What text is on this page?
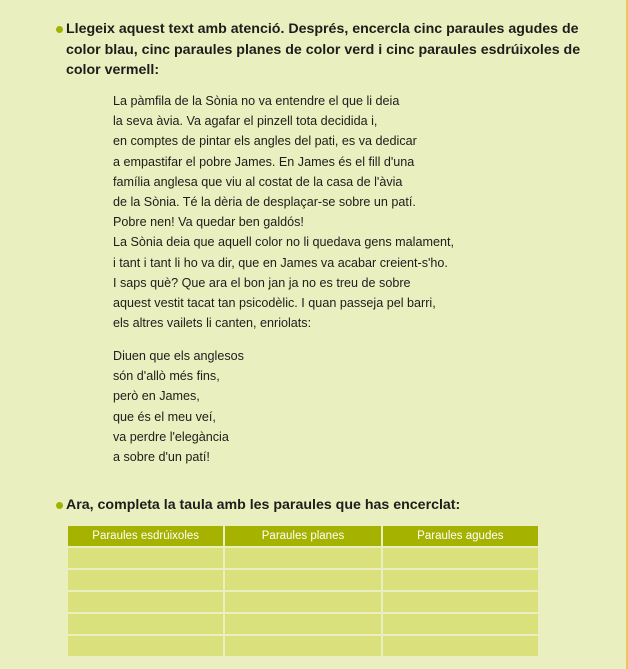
Llegeix aquest text amb atenció. Després, encercla cinc paraules agudes de color blau, cinc paraules planes de color verd i cinc paraules esdrúixoles de color vermell:
La pàmfila de la Sònia no va entendre el que li deia
la seva àvia. Va agafar el pinzell tota decidida i,
en comptes de pintar els angles del pati, es va dedicar
a empastifar el pobre James. En James és el fill d'una
família anglesa que viu al costat de la casa de l'àvia
de la Sònia. Té la dèria de desplaçar-se sobre un patí.
Pobre nen! Va quedar ben galdós!
La Sònia deia que aquell color no li quedava gens malament,
i tant i tant li ho va dir, que en James va acabar creient-s'ho.
I saps què? Que ara el bon jan ja no es treu de sobre
aquest vestit tacat tan psicodèlic. I quan passeja pel barri,
els altres vailets li canten, enriolats:
Diuen que els anglesos
són d'allò més fins,
però en James,
que és el meu veí,
va perdre l'elegància
a sobre d'un patí!
Ara, completa la taula amb les paraules que has encerclat:
Paraules esdrúixoles	Paraules planes	Paraules agudes
